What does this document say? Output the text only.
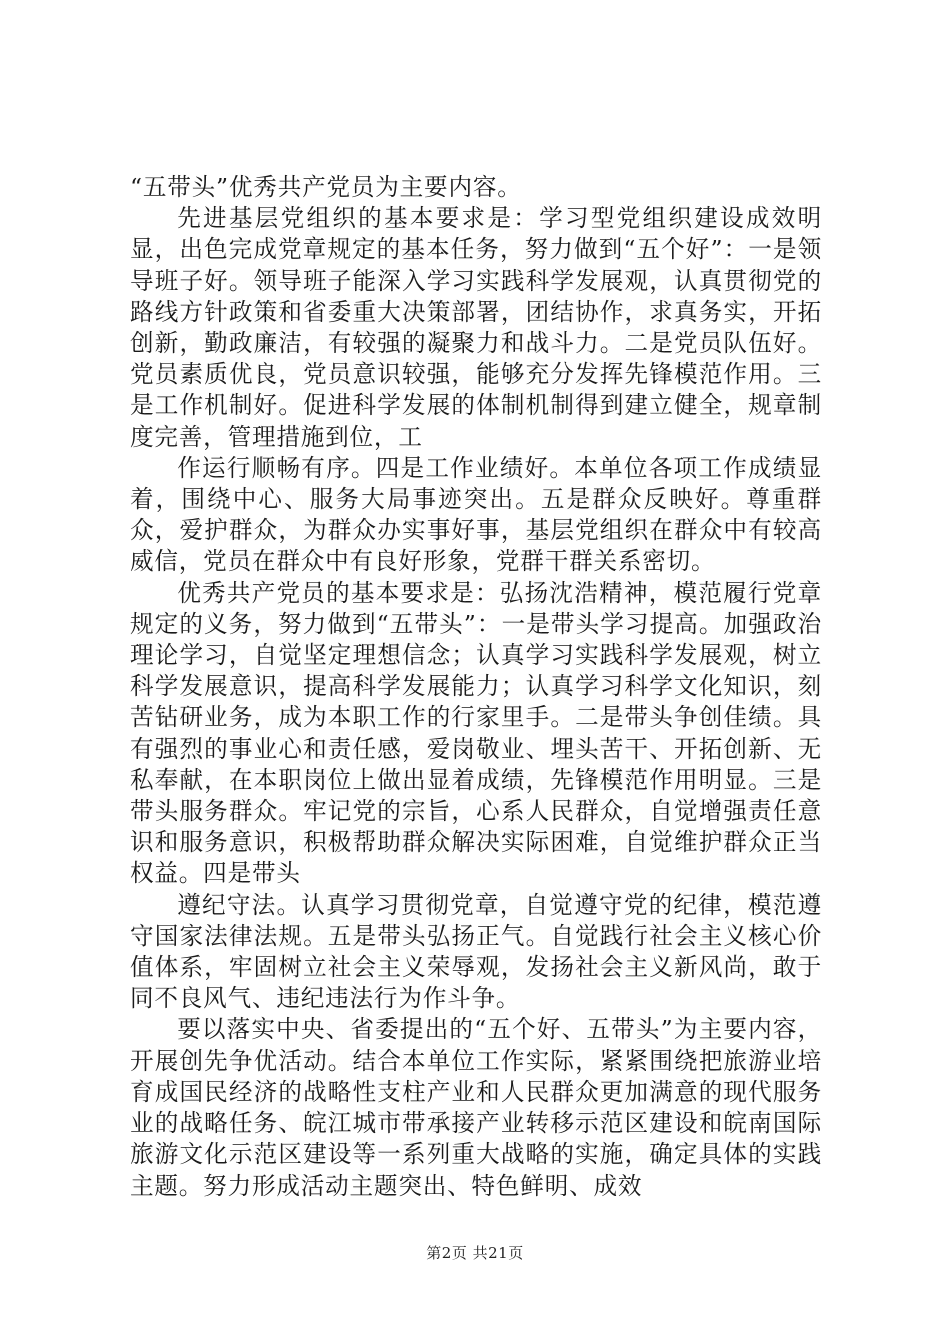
“五带头”优秀共产党员为主要内容。

先进基层党组织的基本要求是：学习型党组织建设成效明显，出色完成党章规定的基本任务，努力做到“五个好”：一是领导班子好。领导班子能深入学习实践科学发展观，认真贯彻党的路线方针政策和省委重大决策部署，团结协作，求真务实，开拓创新，勤政廉洁，有较强的凝聚力和战斗力。二是党员队伍好。党员素质优良，党员意识较强，能够充分发挥先锋模范作用。三是工作机制好。促进科学发展的体制机制得到建立健全，规章制度完善，管理措施到位，工

作运行顺畅有序。四是工作业绩好。本单位各项工作成绩显着，围绕中心、服务大局事迹突出。五是群众反映好。尊重群众，爱护群众，为群众办实事好事，基层党组织在群众中有较高威信，党员在群众中有良好形象，党群干群关系密切。

优秀共产党员的基本要求是：弘扬沈浩精神，模范履行党章规定的义务，努力做到“五带头”：一是带头学习提高。加强政治理论学习，自觉坚定理想信念；认真学习实践科学发展观，树立科学发展意识，提高科学发展能力；认真学习科学文化知识，刻苦钻研业务，成为本职工作的行家里手。二是带头争创佳绩。具有强烈的事业心和责任感，爱岗敬业、埋头苦干、开拓创新、无私奉献，在本职岗位上做出显着成绩，先锋模范作用明显。三是带头服务群众。牢记党的宗旨，心系人民群众，自觉增强责任意识和服务意识，积极帮助群众解决实际困难，自觉维护群众正当权益。四是带头

遵纪守法。认真学习贯彻党章，自觉遵守党的纪律，模范遵守国家法律法规。五是带头弘扬正气。自觉践行社会主义核心价值体系，牢固树立社会主义荣辱观，发扬社会主义新风尚，敢于同不良风气、违纪违法行为作斗争。

要以落实中央、省委提出的“五个好、五带头”为主要内容，开展创先争优活动。结合本单位工作实际，紧紧围绕把旅游业培育成国民经济的战略性支柱产业和人民群众更加满意的现代服务业的战略任务、皖江城市带承接产业转移示范区建设和皖南国际旅游文化示范区建设等一系列重大战略的实施，确定具体的实践主题。努力形成活动主题突出、特色鲜明、成效

第2页 共21页
